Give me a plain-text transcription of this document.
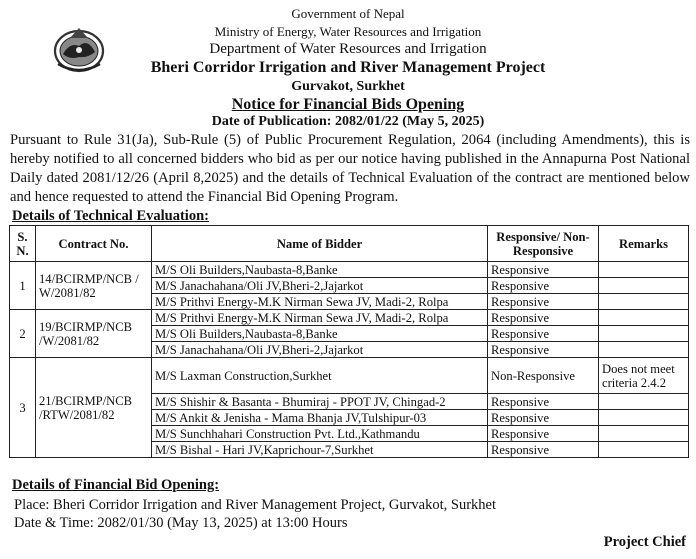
Government of Nepal
Ministry of Energy, Water Resources and Irrigation
Department of Water Resources and Irrigation
Bheri Corridor Irrigation and River Management Project
Gurvakot, Surkhet
Notice for Financial Bids Opening
Date of Publication: 2082/01/22 (May 5, 2025)

Pursuant to Rule 31(Ja), Sub-Rule (5) of Public Procurement Regulation, 2064 (including Amendments), this is hereby notified to all concerned bidders who bid as per our notice having published in the Annapurna Post National Daily dated 2081/12/26 (April 8,2025) and the details of Technical Evaluation of the contract are mentioned below and hence requested to attend the Financial Bid Opening Program.

Details of Technical Evaluation:
S. N.	Contract No.	Name of Bidder	Responsive/ Non-Responsive	Remarks
1	14/BCIRMP/NCB / W/2081/82	M/S Oli Builders,Naubasta-8,Banke	Responsive	
		M/S Janachahana/Oli JV,Bheri-2,Jajarkot	Responsive	
		M/S Prithvi Energy-M.K Nirman Sewa JV, Madi-2, Rolpa	Responsive	
2	19/BCIRMP/NCB /W/2081/82	M/S Prithvi Energy-M.K Nirman Sewa JV, Madi-2, Rolpa	Responsive	
		M/S Oli Builders,Naubasta-8,Banke	Responsive	
		M/S Janachahana/Oli JV,Bheri-2,Jajarkot	Responsive	
3	21/BCIRMP/NCB /RTW/2081/82	M/S Laxman Construction,Surkhet	Non-Responsive	Does not meet criteria 2.4.2
		M/S Shishir & Basanta - Bhumiraj - PPOT JV, Chingad-2	Responsive	
		M/S Ankit & Jenisha - Mama Bhanja JV,Tulshipur-03	Responsive	
		M/S Sunchhahari Construction Pvt. Ltd.,Kathmandu	Responsive	
		M/S Bishal - Hari JV,Kaprichour-7,Surkhet	Responsive	
Details of Financial Bid Opening:
Place: Bheri Corridor Irrigation and River Management Project, Gurvakot, Surkhet
Date & Time: 2082/01/30 (May 13, 2025) at 13:00 Hours
Project Chief
